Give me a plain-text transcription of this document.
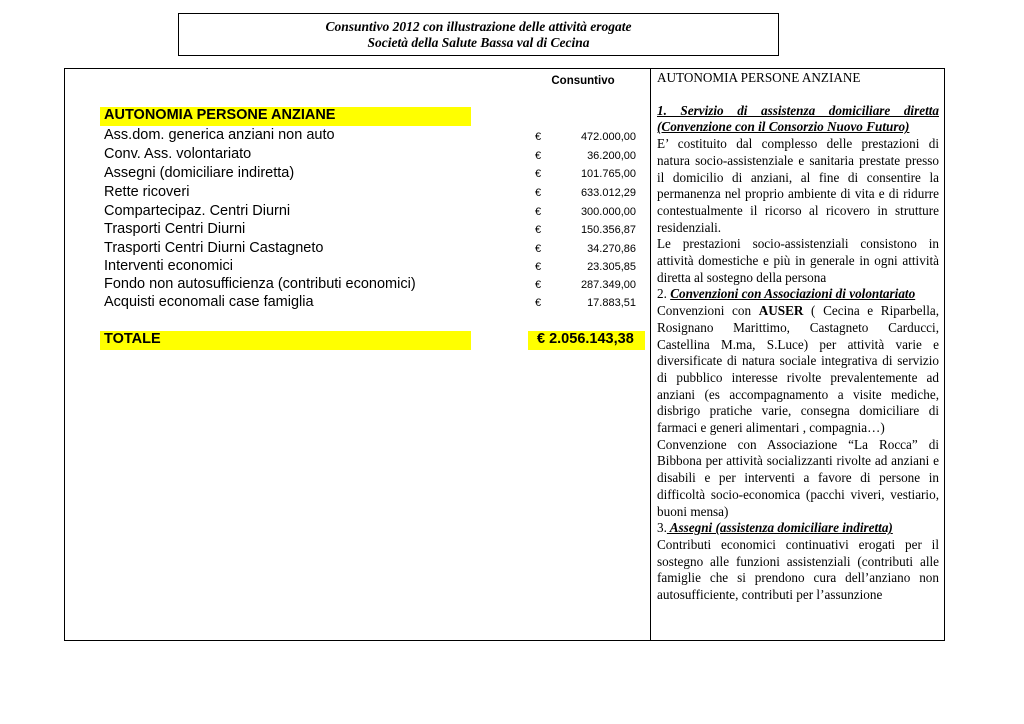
Consuntivo 2012 con illustrazione delle attività erogate
Società della Salute Bassa val di Cecina
Consuntivo
AUTONOMIA PERSONE ANZIANE
Ass.dom. generica anziani non auto	€	472.000,00
Conv. Ass. volontariato	€	36.200,00
Assegni (domiciliare indiretta)	€	101.765,00
Rette ricoveri	€	633.012,29
Compartecipaz. Centri Diurni	€	300.000,00
Trasporti Centri Diurni	€	150.356,87
Trasporti Centri Diurni Castagneto	€	34.270,86
Interventi economici	€	23.305,85
Fondo non autosufficienza (contributi economici)	€	287.349,00
Acquisti economali case famiglia	€	17.883,51
TOTALE	€ 2.056.143,38

AUTONOMIA PERSONE ANZIANE

1. Servizio di assistenza domiciliare diretta (Convenzione con il Consorzio Nuovo Futuro)

E’ costituito dal complesso delle prestazioni di natura socio-assistenziale e sanitaria prestate presso il domicilio di anziani, al fine di consentire la permanenza nel proprio ambiente di vita e di ridurre contestualmente il ricorso al ricovero in strutture residenziali.

Le prestazioni socio-assistenziali consistono in attività domestiche e più in generale in ogni attività diretta al sostegno della persona

2. Convenzioni con Associazioni di volontariato

Convenzioni con AUSER ( Cecina e Riparbella, Rosignano Marittimo, Castagneto Carducci, Castellina M.ma, S.Luce) per attività varie e diversificate di natura sociale integrativa di servizio di pubblico interesse rivolte prevalentemente ad anziani (es accompagnamento a visite mediche, disbrigo pratiche varie, consegna domiciliare di farmaci e generi alimentari , compagnia…)

Convenzione con Associazione “La Rocca” di Bibbona per attività socializzanti rivolte ad anziani e disabili e per interventi a favore di persone in difficoltà socio-economica (pacchi viveri, vestiario, buoni mensa)

3. Assegni (assistenza domiciliare indiretta)

Contributi economici continuativi erogati per il sostegno alle funzioni assistenziali (contributi alle famiglie che si prendono cura dell’anziano non autosufficiente, contributi per l’assunzione
